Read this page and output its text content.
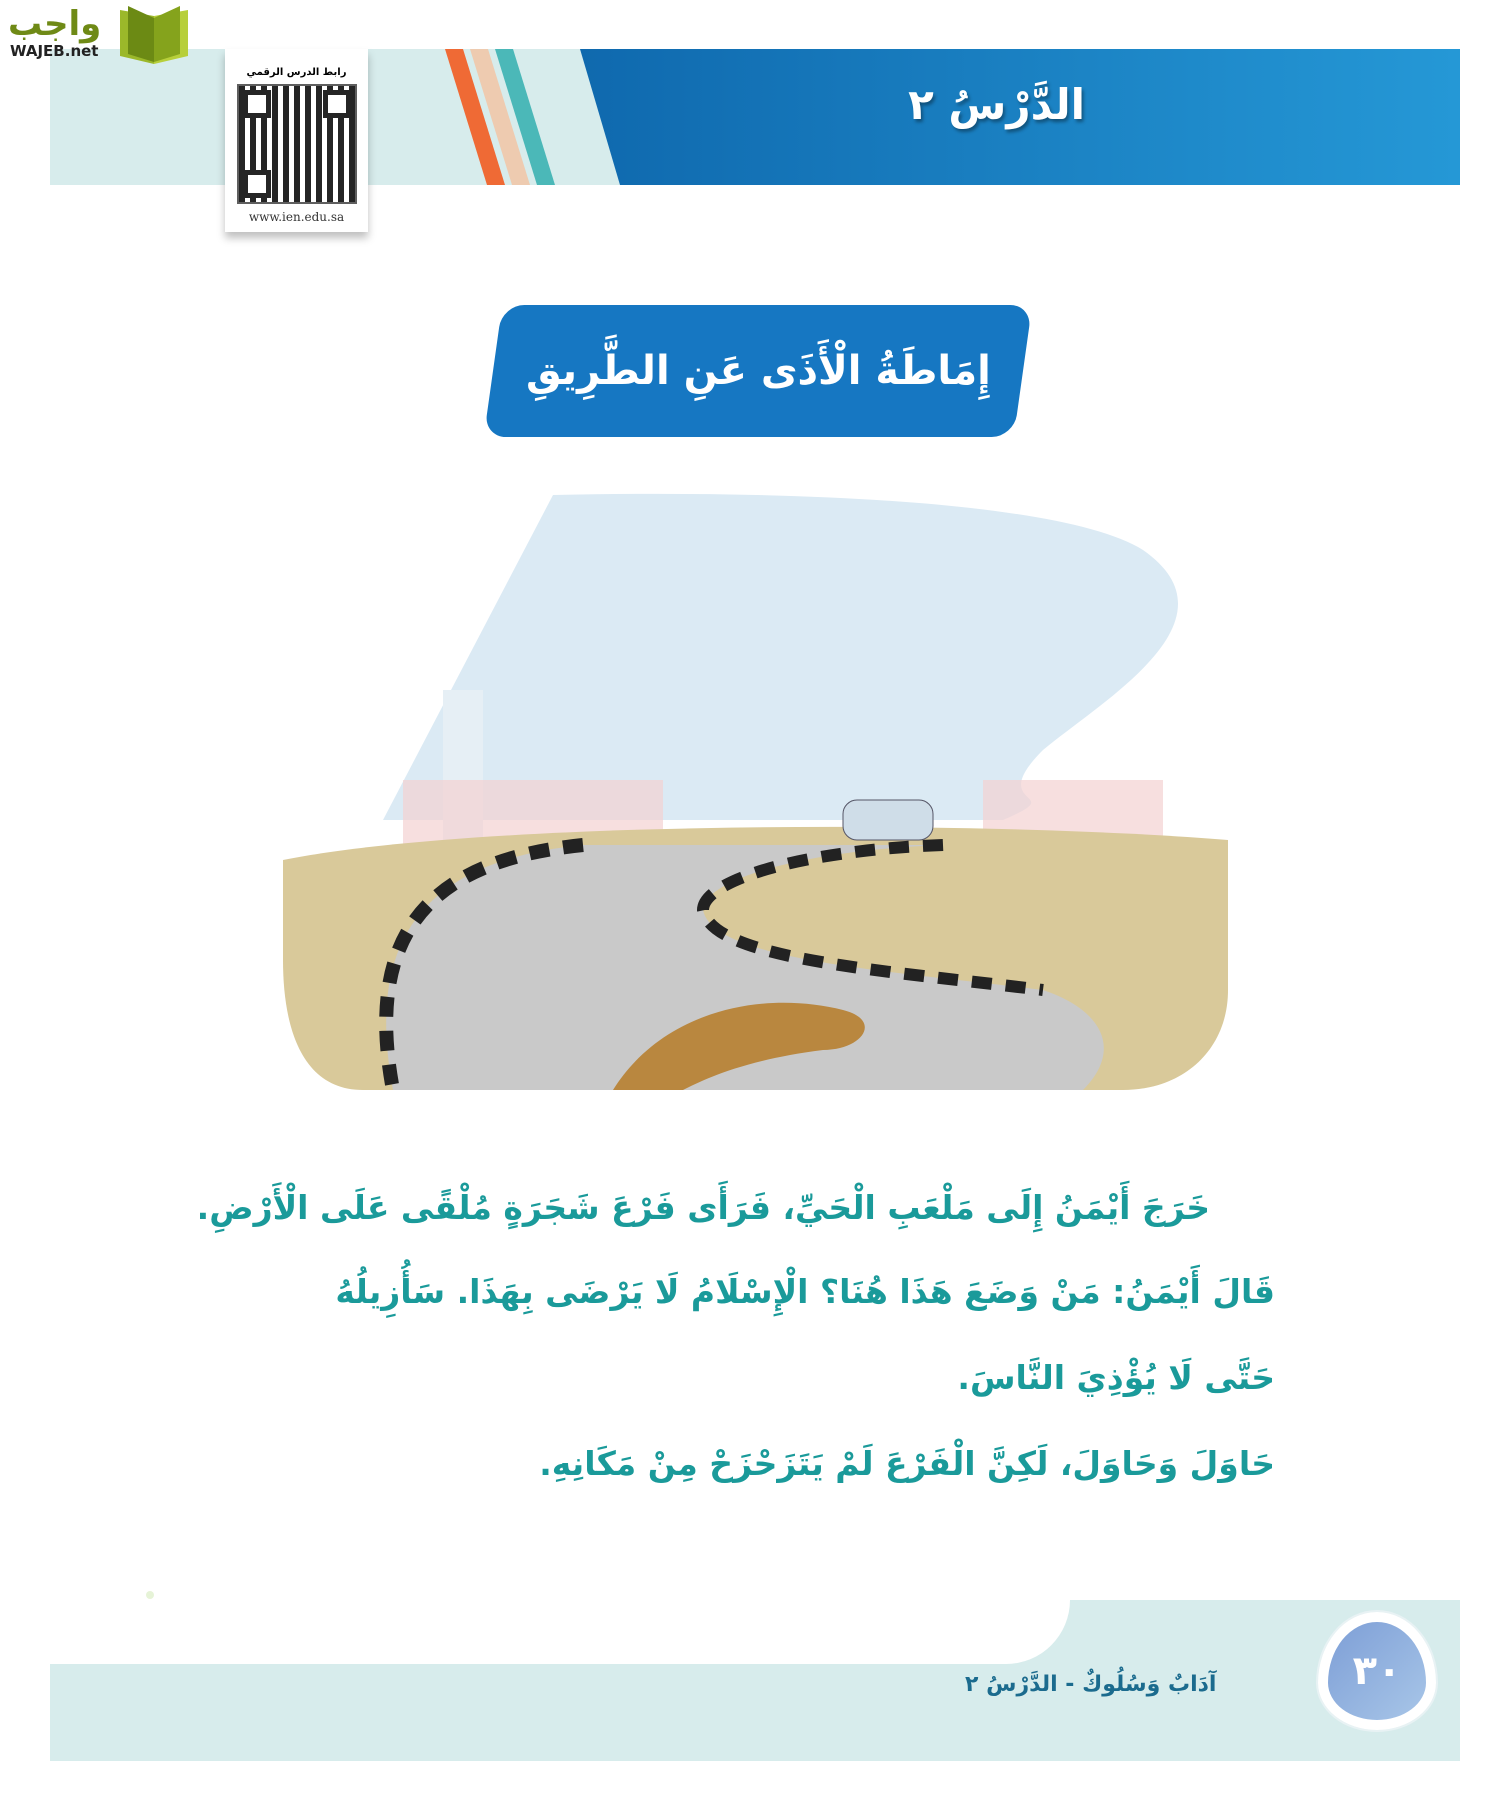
واجب
WAJEB.net
الدَّرْسُ ٢
رابط الدرس الرقمي
www.ien.edu.sa
إِمَاطَةُ الْأَذَى عَنِ الطَّرِيقِ
خَرَجَ أَيْمَنُ إِلَى مَلْعَبِ الْحَيِّ، فَرَأَى فَرْعَ شَجَرَةٍ مُلْقًى عَلَى الْأَرْضِ.
قَالَ أَيْمَنُ: مَنْ وَضَعَ هَذَا هُنَا؟ الْإِسْلَامُ لَا يَرْضَى بِهَذَا. سَأُزِيلُهُ
حَتَّى لَا يُؤْذِيَ النَّاسَ.
حَاوَلَ وَحَاوَلَ، لَكِنَّ الْفَرْعَ لَمْ يَتَزَحْزَحْ مِنْ مَكَانِهِ.
آدَابٌ وَسُلُوكٌ - الدَّرْسُ ٢	٣٠
